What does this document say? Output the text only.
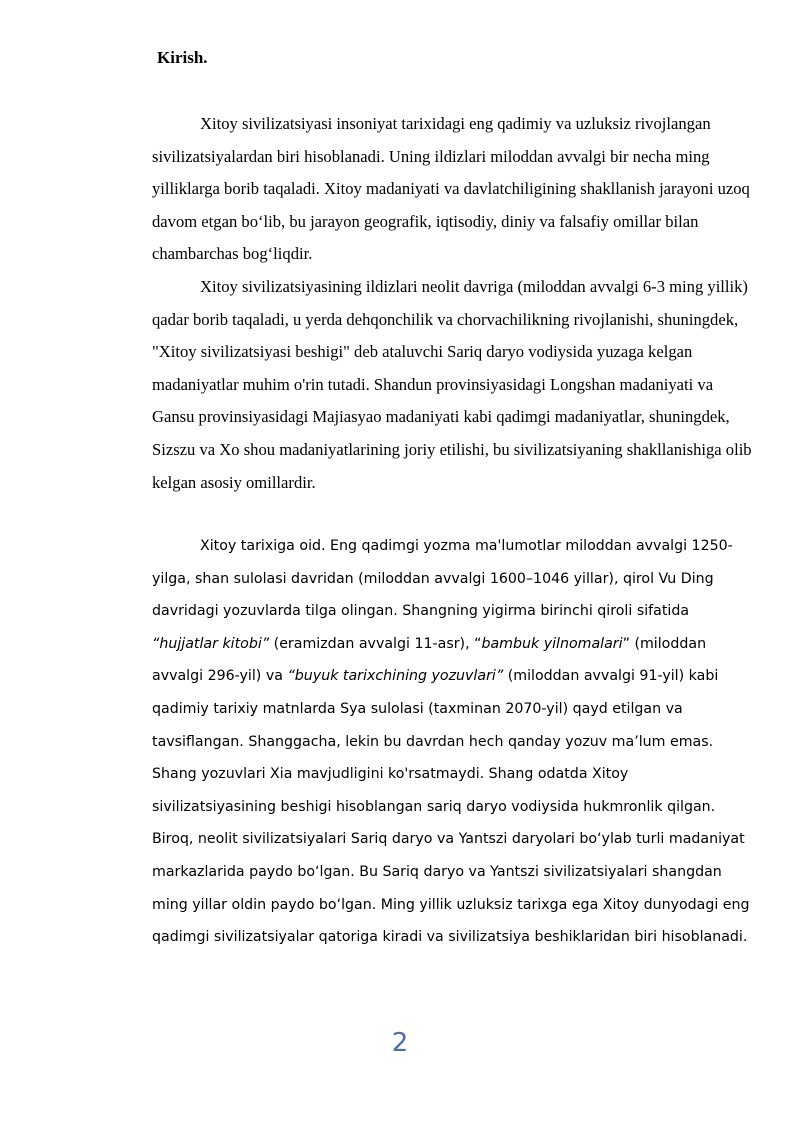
Kirish.

Xitoy sivilizatsiyasi insoniyat tarixidagi eng qadimiy va uzluksiz rivojlangan sivilizatsiyalardan biri hisoblanadi. Uning ildizlari miloddan avvalgi bir necha ming yilliklarga borib taqaladi. Xitoy madaniyati va davlatchiligining shakllanish jarayoni uzoq davom etgan bo‘lib, bu jarayon geografik, iqtisodiy, diniy va falsafiy omillar bilan chambarchas bog‘liqdir.

Xitoy sivilizatsiyasining ildizlari neolit davriga (miloddan avvalgi 6-3 ming yillik) qadar borib taqaladi, u yerda dehqonchilik va chorvachilikning rivojlanishi, shuningdek, "Xitoy sivilizatsiyasi beshigi" deb ataluvchi Sariq daryo vodiysida yuzaga kelgan madaniyatlar muhim o'rin tutadi. Shandun provinsiyasidagi Longshan madaniyati va Gansu provinsiyasidagi Majiasyao madaniyati kabi qadimgi madaniyatlar, shuningdek, Sizszu va Xo shou madaniyatlarining joriy etilishi, bu sivilizatsiyaning shakllanishiga olib kelgan asosiy omillardir.

Xitoy tarixiga oid. Eng qadimgi yozma ma'lumotlar miloddan avvalgi 1250-yilga, shan sulolasi davridan (miloddan avvalgi 1600–1046 yillar), qirol Vu Ding davridagi yozuvlarda tilga olingan. Shangning yigirma birinchi qiroli sifatida “hujjatlar kitobi” (eramizdan avvalgi 11-asr), “bambuk yilnomalari” (miloddan avvalgi 296-yil) va “buyuk tarixchining yozuvlari” (miloddan avvalgi 91-yil) kabi qadimiy tarixiy matnlarda Sya sulolasi (taxminan 2070-yil) qayd etilgan va tavsiflangan. Shanggacha, lekin bu davrdan hech qanday yozuv ma’lum emas. Shang yozuvlari Xia mavjudligini ko'rsatmaydi. Shang odatda Xitoy sivilizatsiyasining beshigi hisoblangan sariq daryo vodiysida hukmronlik qilgan. Biroq, neolit sivilizatsiyalari Sariq daryo va Yantszi daryolari bo‘ylab turli madaniyat markazlarida paydo bo‘lgan. Bu Sariq daryo va Yantszi sivilizatsiyalari shangdan ming yillar oldin paydo bo‘lgan. Ming yillik uzluksiz tarixga ega Xitoy dunyodagi eng qadimgi sivilizatsiyalar qatoriga kiradi va sivilizatsiya beshiklaridan biri hisoblanadi.

2
